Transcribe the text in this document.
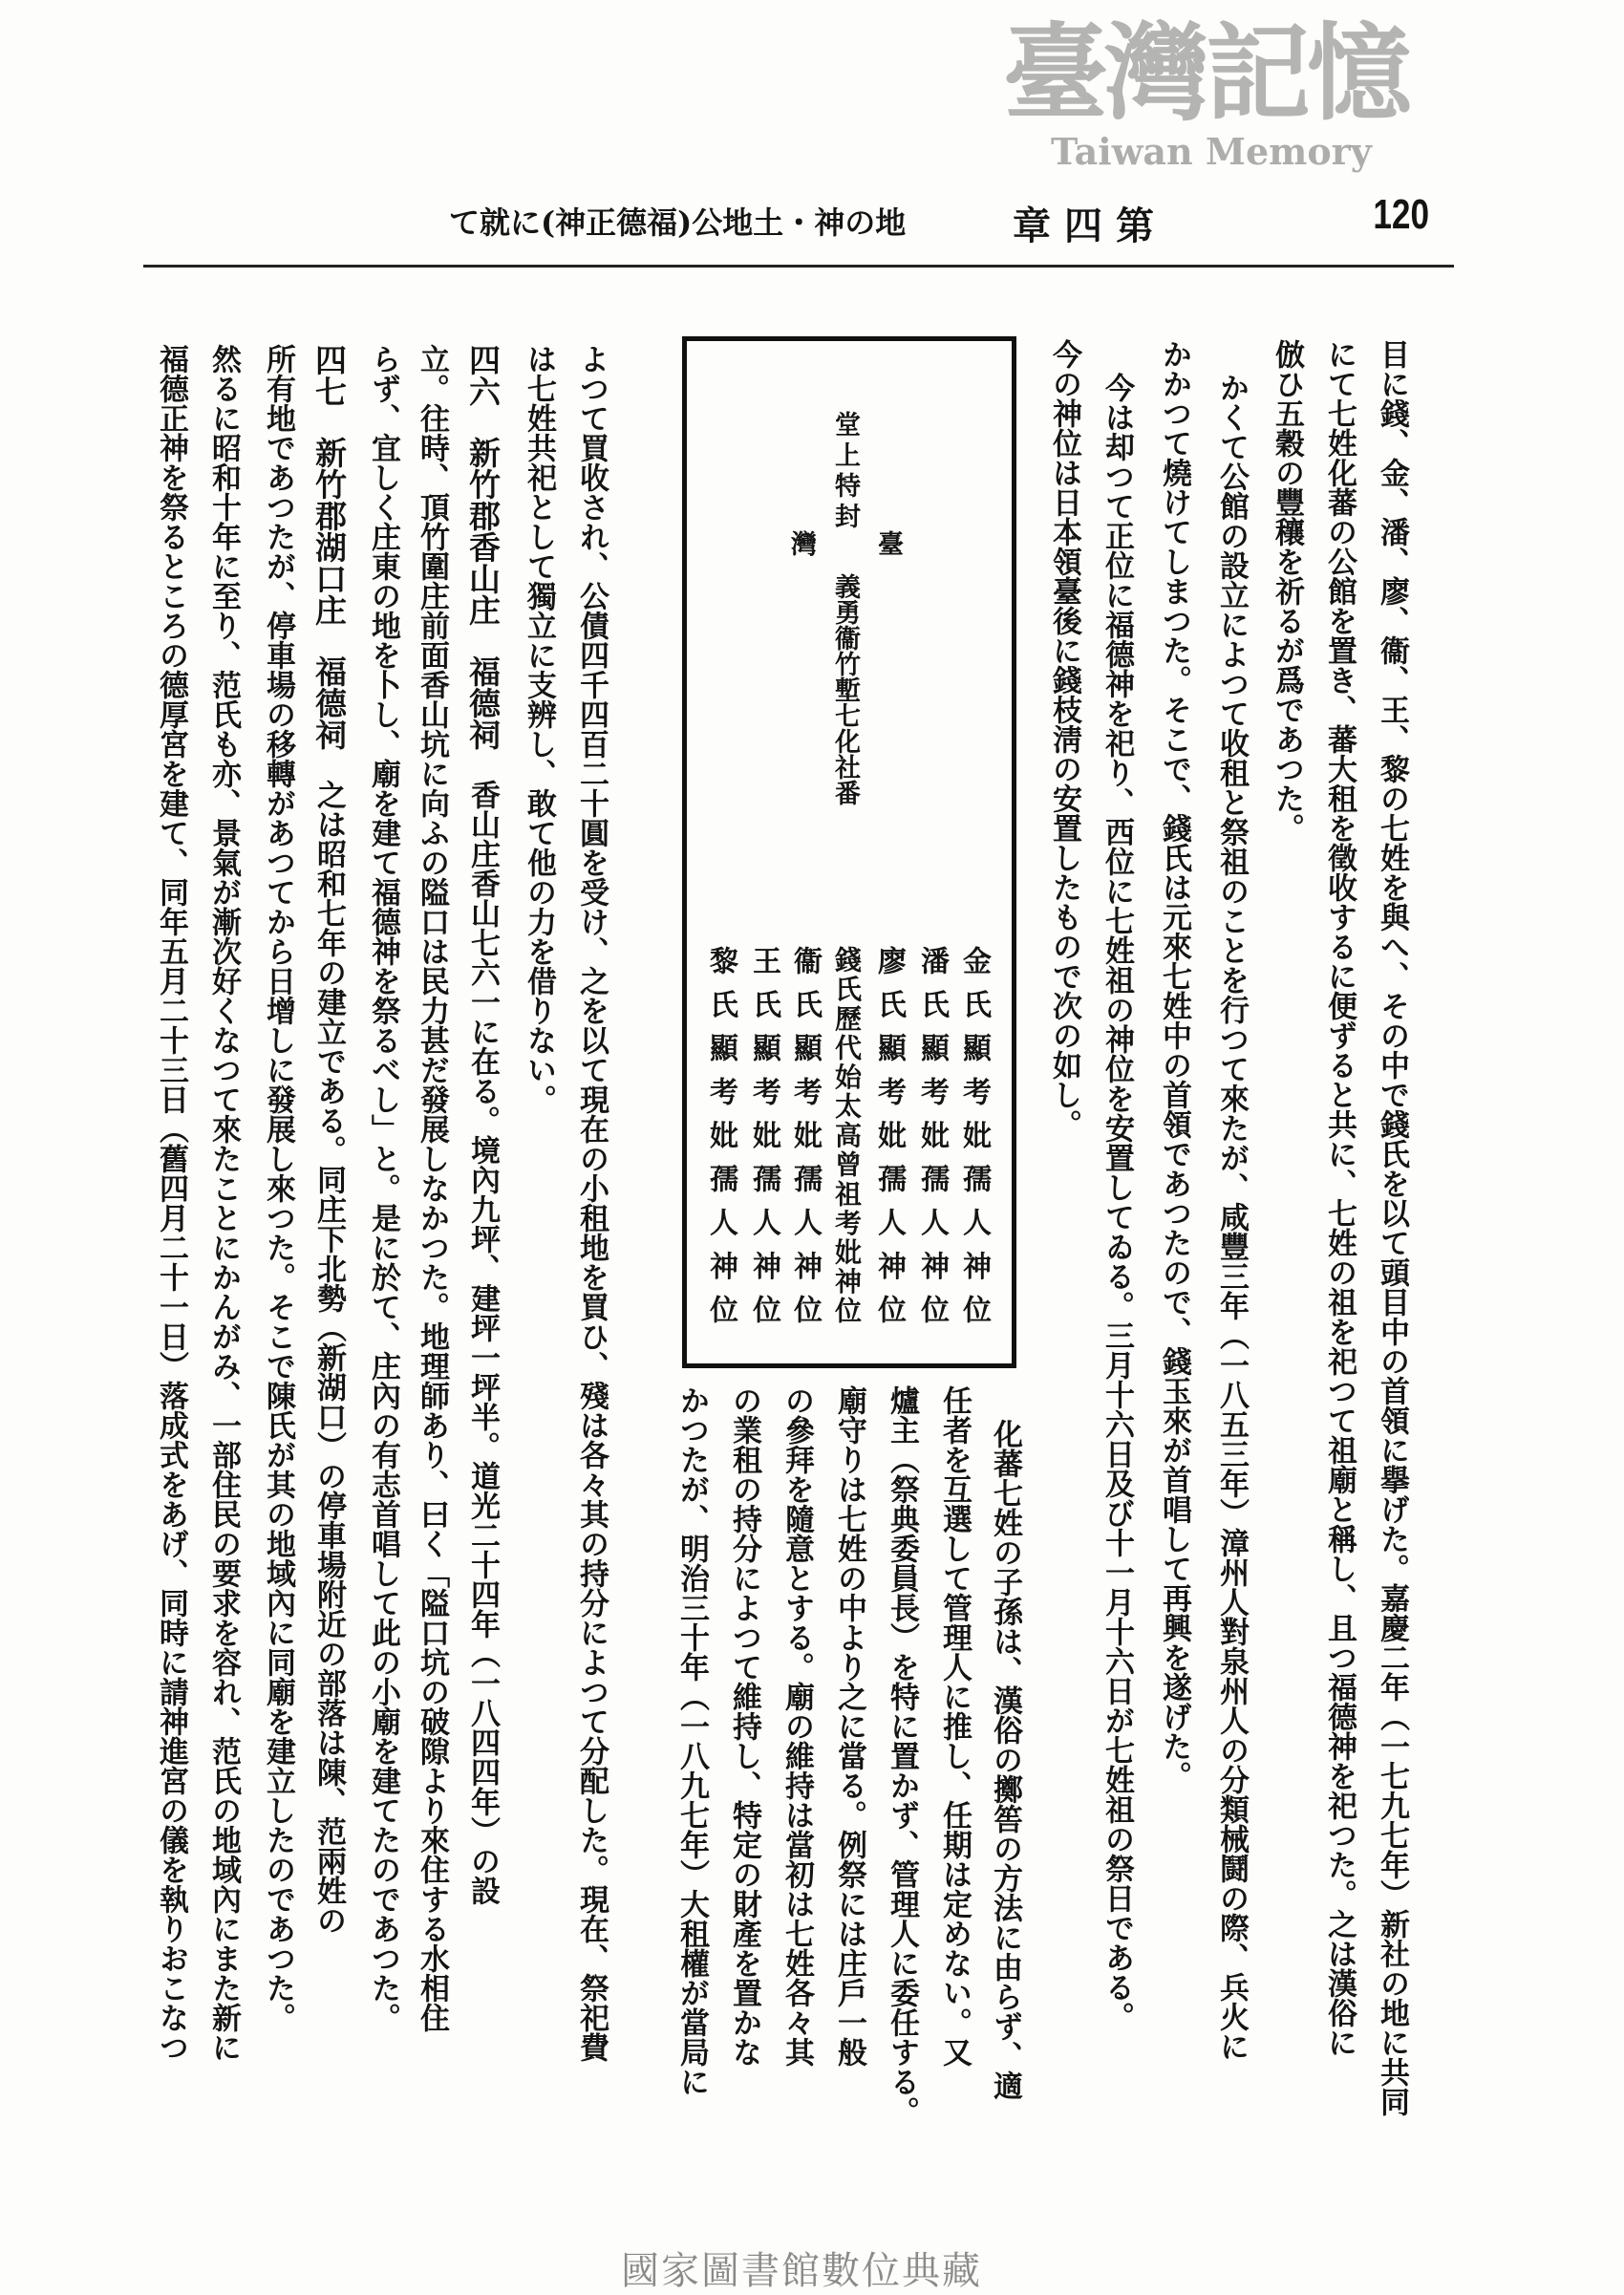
臺灣記憶
Taiwan Memory
地の神・土地公(福德正神)に就て	第四章	120
目に錢、金、潘、廖、衞、王、黎の七姓を與へ、その中で錢氏を以て頭目中の首領に擧げた。嘉慶二年（一七九七年）新社の地に共同
にて七姓化蕃の公館を置き、蕃大租を徵收するに便ずると共に、七姓の祖を祀つて祖廟と稱し、且つ福德神を祀つた。之は漢俗に
倣ひ五穀の豐穰を祈るが爲であつた。
かくて公館の設立によつて收租と祭祖のことを行つて來たが、咸豐三年（一八五三年）漳州人對泉州人の分類械鬪の際、兵火に
かかつて燒けてしまつた。そこで、錢氏は元來七姓中の首領であつたので、錢玉來が首唱して再興を遂げた。
今は却つて正位に福德神を祀り、西位に七姓祖の神位を安置してゐる。三月十六日及び十一月十六日が七姓祖の祭日である。
今の神位は日本領臺後に錢枝淸の安置したもので次の如し。
臺
灣
堂上特封
義勇衞竹塹七化社番
金氏顯考妣孺人神位
潘氏顯考妣孺人神位
廖氏顯考妣孺人神位
錢氏歷代始太高曾祖考妣神位
衞氏顯考妣孺人神位
王氏顯考妣孺人神位
黎氏顯考妣孺人神位
化蕃七姓の子孫は、漢俗の擲筶の方法に由らず、適
任者を互選して管理人に推し、任期は定めない。又
爐主（祭典委員長）を特に置かず、管理人に委任する。
廟守りは七姓の中より之に當る。例祭には庄戶一般
の參拜を隨意とする。廟の維持は當初は七姓各々其
の業租の持分によつて維持し、特定の財產を置かな
かつたが、明治三十年（一八九七年）大租權が當局に
よつて買收され、公債四千四百二十圓を受け、之を以て現在の小租地を買ひ、殘は各々其の持分によつて分配した。現在、祭祀費
は七姓共祀として獨立に支辨し、敢て他の力を借りない。
四六新竹郡香山庄福德祠香山庄香山七六一に在る。境內九坪、建坪一坪半。道光二十四年（一八四四年）の設
立。往時、頂竹圍庄前面香山坑に向ふの隘口は民力甚だ發展しなかつた。地理師あり、曰く「隘口坑の破隙より來住する水相住
らず、宜しく庄東の地を卜し、廟を建て福德神を祭るべし」と。是に於て、庄內の有志首唱して此の小廟を建てたのであつた。
四七新竹郡湖口庄福德祠之は昭和七年の建立である。同庄下北勢（新湖口）の停車場附近の部落は陳、范兩姓の
所有地であつたが、停車場の移轉があつてから日增しに發展し來つた。そこで陳氏が其の地域內に同廟を建立したのであつた。
然るに昭和十年に至り、范氏も亦、景氣が漸次好くなつて來たことにかんがみ、一部住民の要求を容れ、范氏の地域內にまた新に
福德正神を祭るところの德厚宮を建て、同年五月二十三日（舊四月二十一日）落成式をあげ、同時に請神進宮の儀を執りおこなつ
國家圖書館數位典藏
